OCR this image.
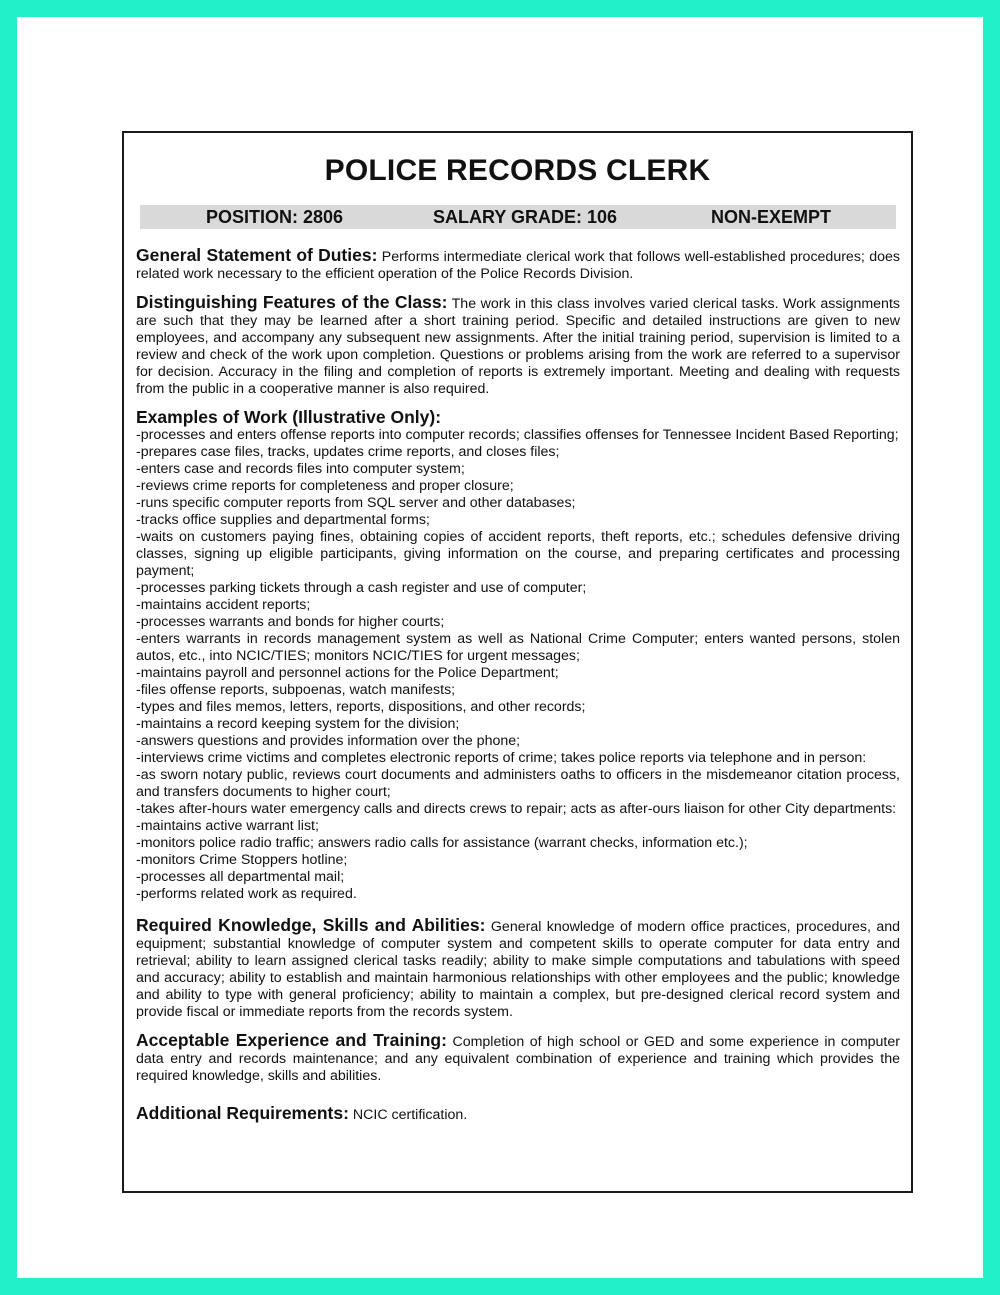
POLICE RECORDS CLERK
POSITION: 2806	SALARY GRADE: 106	NON-EXEMPT
General Statement of Duties: Performs intermediate clerical work that follows well-established procedures; does related work necessary to the efficient operation of the Police Records Division.
Distinguishing Features of the Class: The work in this class involves varied clerical tasks. Work assignments are such that they may be learned after a short training period. Specific and detailed instructions are given to new employees, and accompany any subsequent new assignments. After the initial training period, supervision is limited to a review and check of the work upon completion. Questions or problems arising from the work are referred to a supervisor for decision. Accuracy in the filing and completion of reports is extremely important. Meeting and dealing with requests from the public in a cooperative manner is also required.
Examples of Work (Illustrative Only):
-processes and enters offense reports into computer records; classifies offenses for Tennessee Incident Based Reporting;
-prepares case files, tracks, updates crime reports, and closes files;
-enters case and records files into computer system;
-reviews crime reports for completeness and proper closure;
-runs specific computer reports from SQL server and other databases;
-tracks office supplies and departmental forms;
-waits on customers paying fines, obtaining copies of accident reports, theft reports, etc.; schedules defensive driving classes, signing up eligible participants, giving information on the course, and preparing certificates and processing payment;
-processes parking tickets through a cash register and use of computer;
-maintains accident reports;
-processes warrants and bonds for higher courts;
-enters warrants in records management system as well as National Crime Computer; enters wanted persons, stolen autos, etc., into NCIC/TIES; monitors NCIC/TIES for urgent messages;
-maintains payroll and personnel actions for the Police Department;
-files offense reports, subpoenas, watch manifests;
-types and files memos, letters, reports, dispositions, and other records;
-maintains a record keeping system for the division;
-answers questions and provides information over the phone;
-interviews crime victims and completes electronic reports of crime; takes police reports via telephone and in person:
-as sworn notary public, reviews court documents and administers oaths to officers in the misdemeanor citation process, and transfers documents to higher court;
-takes after-hours water emergency calls and directs crews to repair; acts as after-ours liaison for other City departments:
-maintains active warrant list;
-monitors police radio traffic; answers radio calls for assistance (warrant checks, information etc.);
-monitors Crime Stoppers hotline;
-processes all departmental mail;
-performs related work as required.
Required Knowledge, Skills and Abilities: General knowledge of modern office practices, procedures, and equipment; substantial knowledge of computer system and competent skills to operate computer for data entry and retrieval; ability to learn assigned clerical tasks readily; ability to make simple computations and tabulations with speed and accuracy; ability to establish and maintain harmonious relationships with other employees and the public; knowledge and ability to type with general proficiency; ability to maintain a complex, but pre-designed clerical record system and provide fiscal or immediate reports from the records system.
Acceptable Experience and Training: Completion of high school or GED and some experience in computer data entry and records maintenance; and any equivalent combination of experience and training which provides the required knowledge, skills and abilities.
Additional Requirements: NCIC certification.
